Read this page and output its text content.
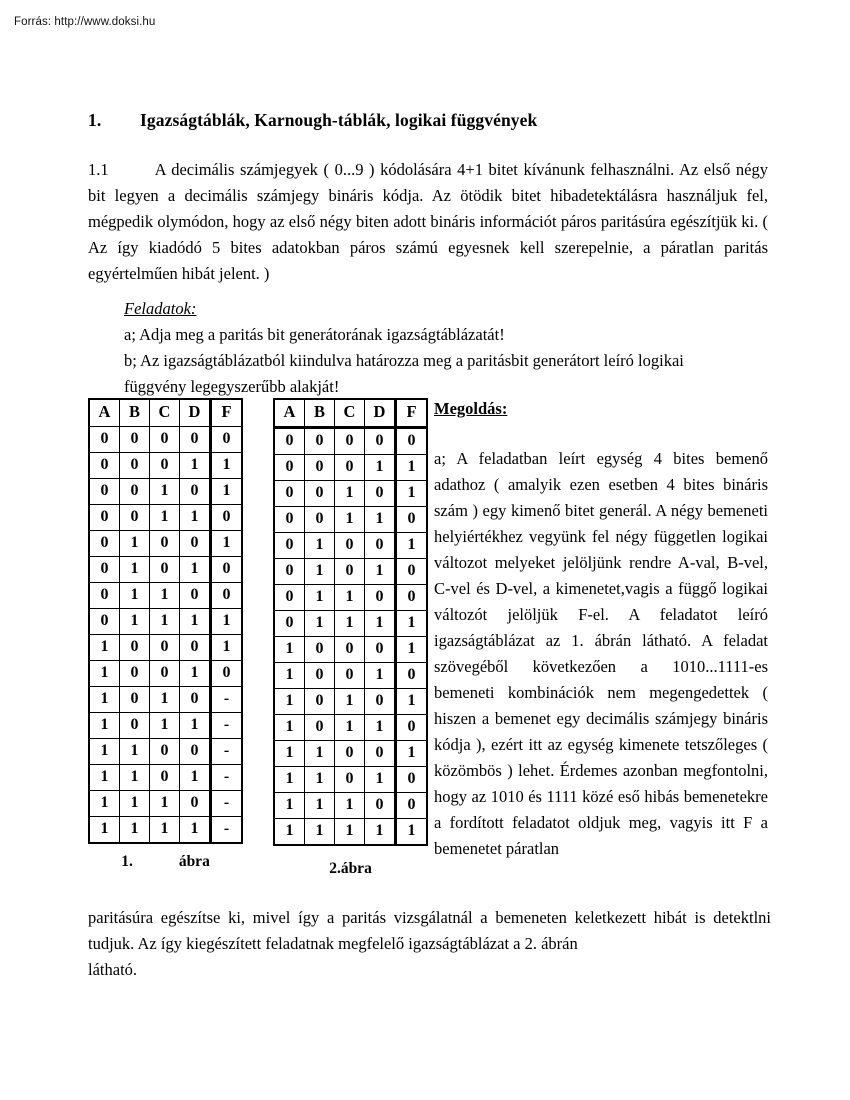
Forrás: http://www.doksi.hu
1. Igazságtáblák, Karnough-táblák, logikai függvények

1.1	A decimális számjegyek ( 0...9 ) kódolására 4+1 bitet kívánunk felhasználni. Az első négy bit legyen a decimális számjegy bináris kódja. Az ötödik bitet hibadetektálásra használjuk fel, mégpedik olymódon, hogy az első négy biten adott bináris információt páros paritásúra egészítjük ki. ( Az így kiadódó 5 bites adatokban páros számú egyesnek kell szerepelnie, a páratlan paritás egyértelműen hibát jelent. )

Feladatok:
a; Adja meg a paritás bit generátorának igazságtáblázatát!
b; Az igazságtáblázatból kiindulva határozza meg a paritásbit generátort leíró logikai
függvény legegyszerűbb alakját!
A	B	C	D	F
0	0	0	0	0
0	0	0	1	1
0	0	1	0	1
0	0	1	1	0
0	1	0	0	1
0	1	0	1	0
0	1	1	0	0
0	1	1	1	1
1	0	0	0	1
1	0	0	1	0
1	0	1	0	-
1	0	1	1	-
1	1	0	0	-
1	1	0	1	-
1	1	1	0	-
1	1	1	1	-
1.	ábra
A	B	C	D	F
0	0	0	0	0
0	0	0	1	1
0	0	1	0	1
0	0	1	1	0
0	1	0	0	1
0	1	0	1	0
0	1	1	0	0
0	1	1	1	1
1	0	0	0	1
1	0	0	1	0
1	0	1	0	1
1	0	1	1	0
1	1	0	0	1
1	1	0	1	0
1	1	1	0	0
1	1	1	1	1
2.ábra
Megoldás:

a; A feladatban leírt egység 4 bites bemenő adathoz ( amalyik ezen esetben 4 bites bináris szám ) egy kimenő bitet generál. A négy bemeneti helyiértékhez vegyünk fel négy független logikai változot melyeket jelöljünk rendre A-val, B-vel, C-vel és D-vel, a kimenetet,vagis a függő logikai változót jelöljük F-el. A feladatot leíró igazságtáblázat az 1. ábrán látható. A feladat szövegéből következően a 1010...1111-es bemeneti kombinációk nem megengedettek ( hiszen a bemenet egy decimális számjegy bináris kódja ), ezért itt az egység kimenete tetszőleges ( közömbös ) lehet. Érdemes azonban megfontolni, hogy az 1010 és 1111 közé eső hibás bemenetekre a fordított feladatot oldjuk meg, vagyis itt F a bemenetet páratlan

paritásúra egészítse ki, mivel így a paritás vizsgálatnál a bemeneten keletkezett hibát is detektlni tudjuk. Az így kiegészített feladatnak megfelelő igazságtáblázat a 2. ábrán
látható.
